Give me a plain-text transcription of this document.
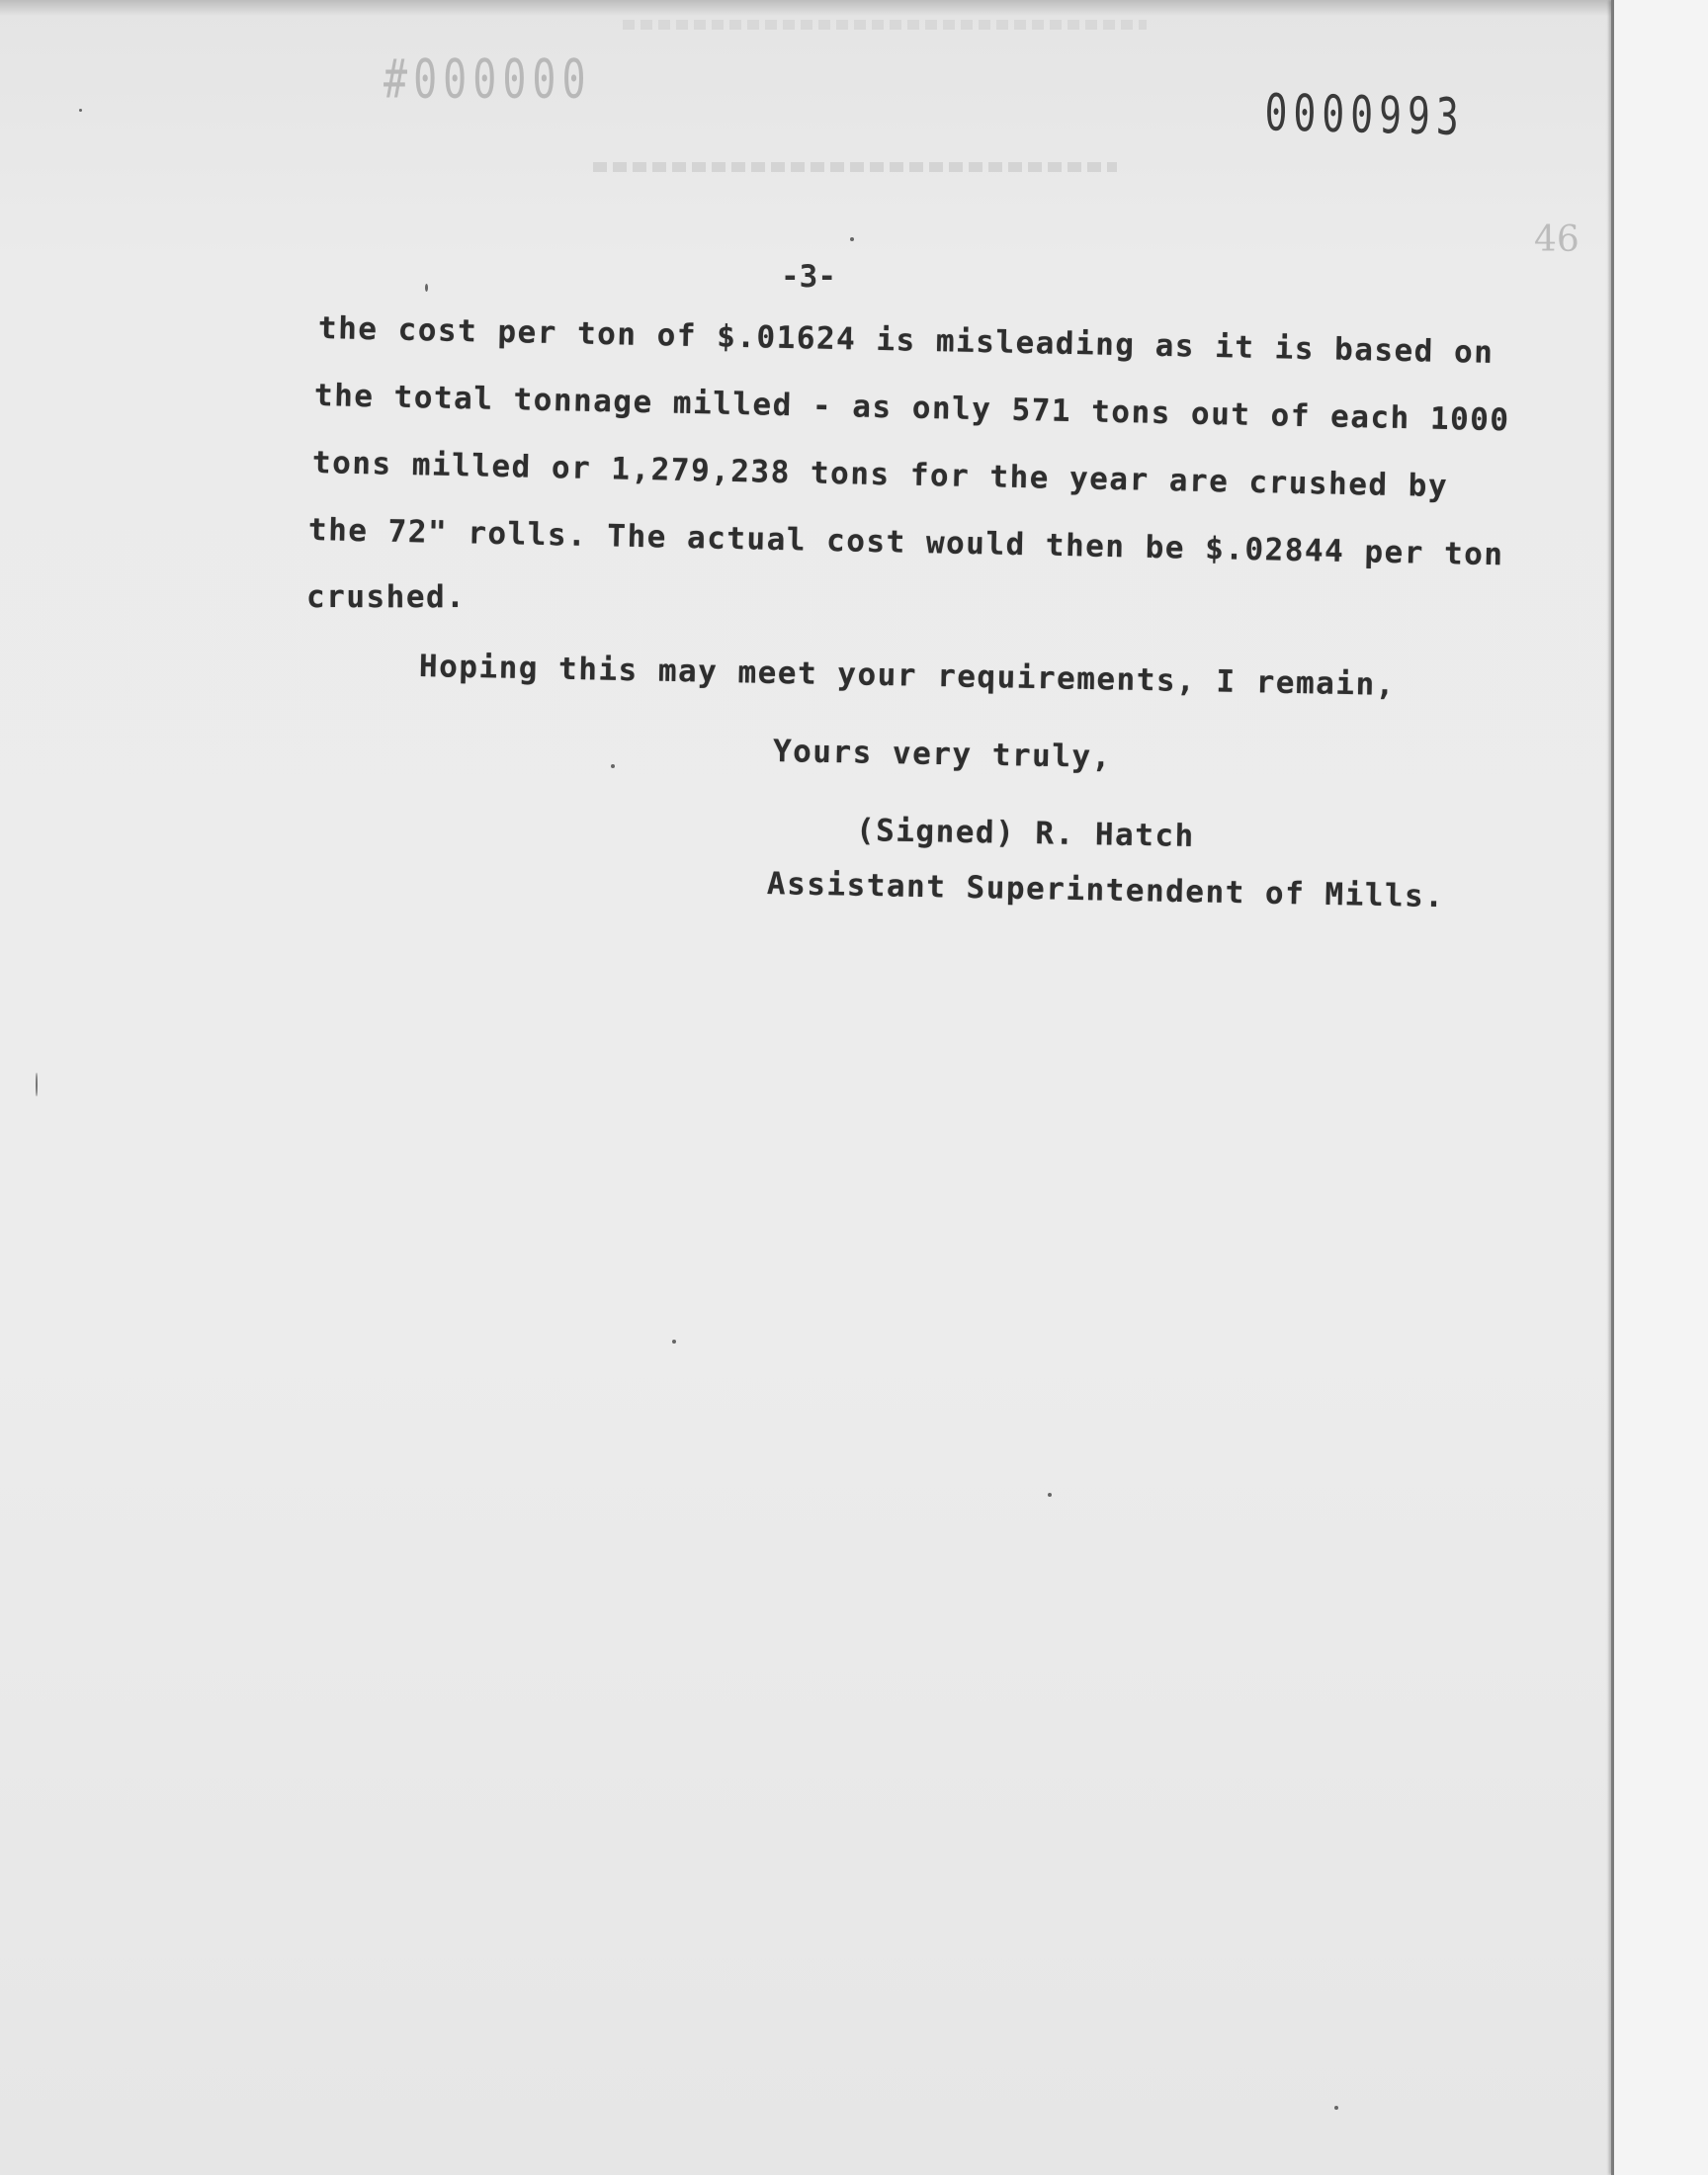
#000000
0000993
46
-3-
the cost per ton of $.01624 is misleading as it is based on
the total tonnage milled - as only 571 tons out of each 1000
tons milled or 1,279,238 tons for the year are crushed by
the 72" rolls. The actual cost would then be $.02844 per ton
crushed.
Hoping this may meet your requirements, I remain,
Yours very truly,
(Signed) R. Hatch
Assistant Superintendent of Mills.
